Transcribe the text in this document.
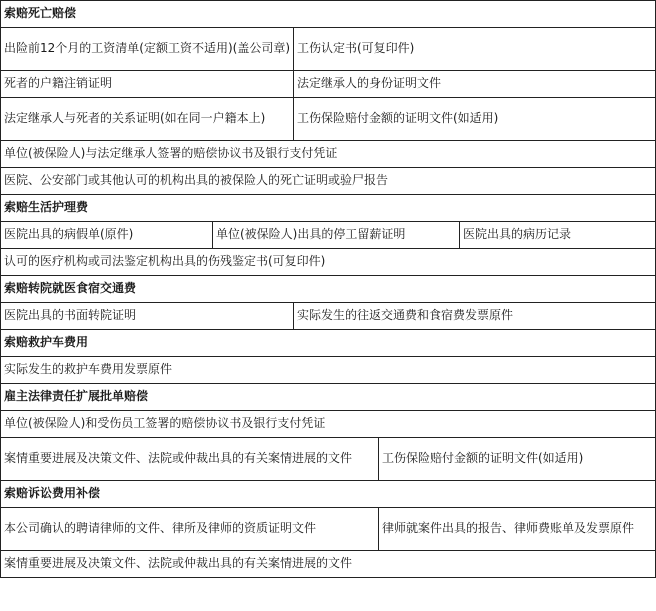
索赔死亡赔偿				
出险前12个月的工资清单(定额工资不适用)(盖公司章)		工伤认定书(可复印件)		
死者的户籍注销证明		法定继承人的身份证明文件		
法定继承人与死者的关系证明(如在同一户籍本上)		工伤保险赔付金额的证明文件(如适用)		
单位(被保险人)与法定继承人签署的赔偿协议书及银行支付凭证				
医院、公安部门或其他认可的机构出具的被保险人的死亡证明或验尸报告				
索赔生活护理费				
医院出具的病假单(原件)	单位(被保险人)出具的停工留薪证明			医院出具的病历记录
认可的医疗机构或司法鉴定机构出具的伤残鉴定书(可复印件)				
索赔转院就医食宿交通费				
医院出具的书面转院证明		实际发生的往返交通费和食宿费发票原件		
索赔救护车费用				
实际发生的救护车费用发票原件				
雇主法律责任扩展批单赔偿				
单位(被保险人)和受伤员工签署的赔偿协议书及银行支付凭证				
案情重要进展及决策文件、法院或仲裁出具的有关案情进展的文件			工伤保险赔付金额的证明文件(如适用)	
索赔诉讼费用补偿				
本公司确认的聘请律师的文件、律所及律师的资质证明文件			律师就案件出具的报告、律师费账单及发票原件	
案情重要进展及决策文件、法院或仲裁出具的有关案情进展的文件				
